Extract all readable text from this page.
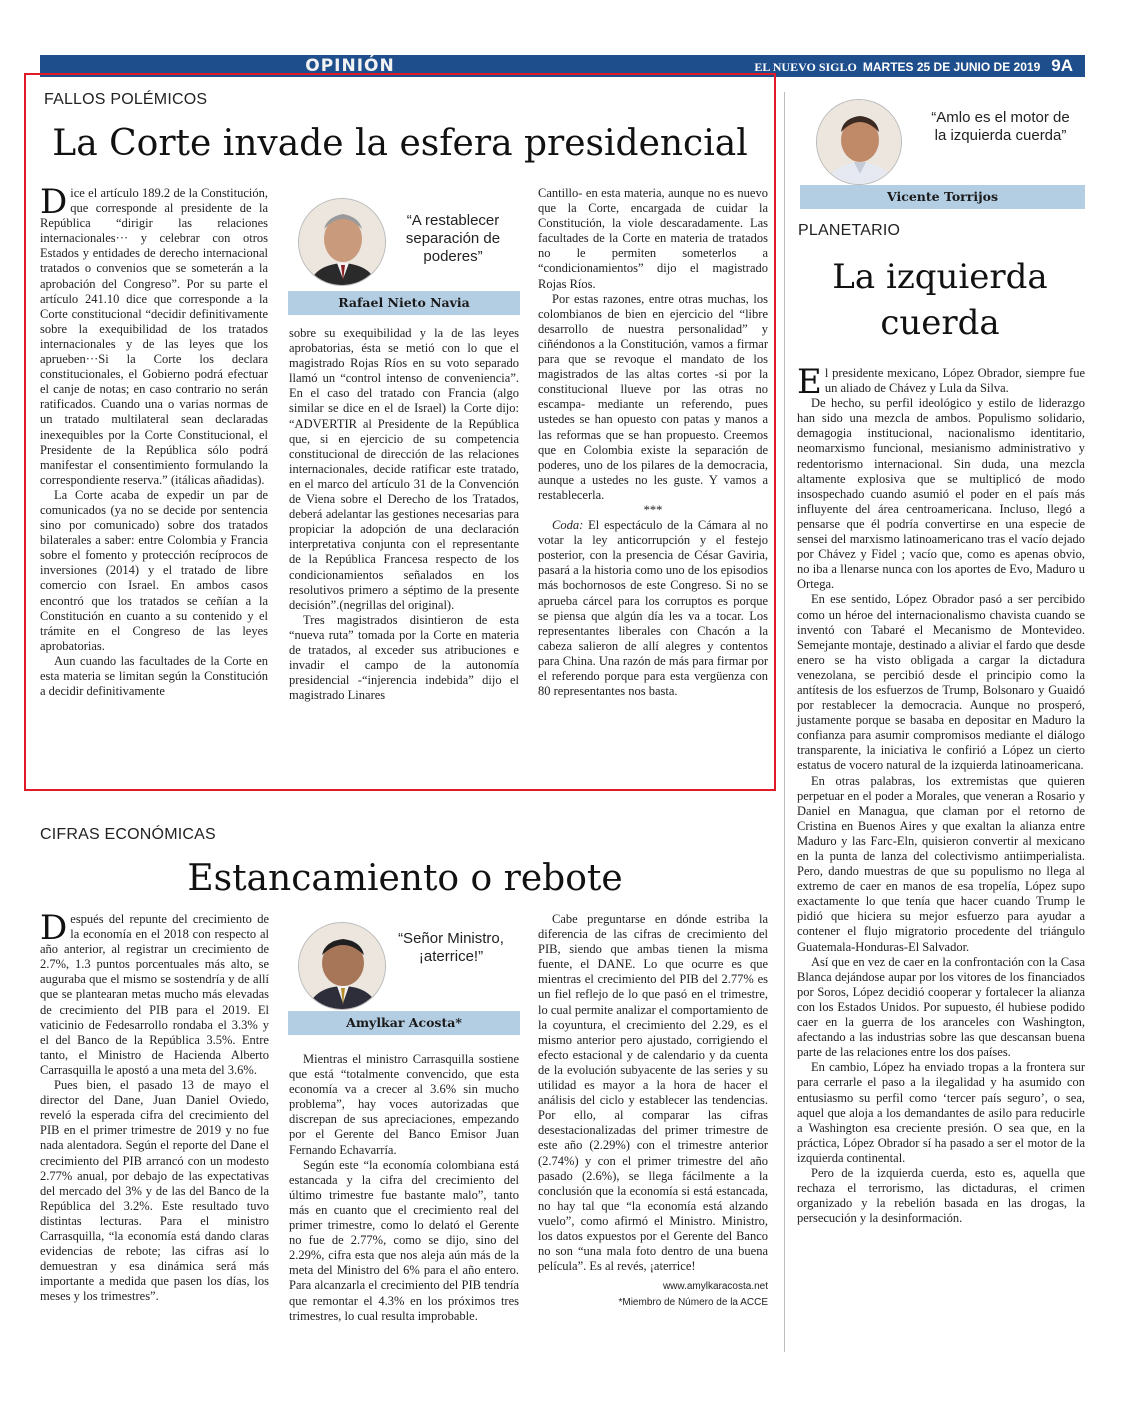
OPINIÓN	EL NUEVO SIGLO MARTES 25 DE JUNIO DE 2019 9A
FALLOS POLÉMICOS
La Corte invade la esfera presidencial

Dice el artículo 189.2 de la Constitución, que corresponde al presidente de la República “dirigir las relaciones internacionales··· y celebrar con otros Estados y entidades de derecho internacional tratados o convenios que se someterán a la aprobación del Congreso”. Por su parte el artículo 241.10 dice que corresponde a la Corte constitucional “decidir definitivamente sobre la exequibilidad de los tratados internacionales y de las leyes que los aprueben···Si la Corte los declara constitucionales, el Gobierno podrá efectuar el canje de notas; en caso contrario no serán ratificados. Cuando una o varias normas de un tratado multilateral sean declaradas inexequibles por la Corte Constitucional, el Presidente de la República sólo podrá manifestar el consentimiento formulando la correspondiente reserva.” (itálicas añadidas).

La Corte acaba de expedir un par de comunicados (ya no se decide por sentencia sino por comunicado) sobre dos tratados bilaterales a saber: entre Colombia y Francia sobre el fomento y protección recíprocos de inversiones (2014) y el tratado de libre comercio con Israel. En ambos casos encontró que los tratados se ceñían a la Constitución en cuanto a su contenido y el trámite en el Congreso de las leyes aprobatorias.

Aun cuando las facultades de la Corte en esta materia se limitan según la Constitución a decidir definitivamente

“A restablecer separación de poderes”
Rafael Nieto Navia

sobre su exequibilidad y la de las leyes aprobatorias, ésta se metió con lo que el magistrado Rojas Ríos en su voto separado llamó un “control intenso de conveniencia”. En el caso del tratado con Francia (algo similar se dice en el de Israel) la Corte dijo: “ADVERTIR al Presidente de la República que, si en ejercicio de su competencia constitucional de dirección de las relaciones internacionales, decide ratificar este tratado, en el marco del artículo 31 de la Convención de Viena sobre el Derecho de los Tratados, deberá adelantar las gestiones necesarias para propiciar la adopción de una declaración interpretativa conjunta con el representante de la República Francesa respecto de los condicionamientos señalados en los resolutivos primero a séptimo de la presente decisión”.(negrillas del original).

Tres magistrados disintieron de esta “nueva ruta” tomada por la Corte en materia de tratados, al exceder sus atribuciones e invadir el campo de la autonomía presidencial -“injerencia indebida” dijo el magistrado Linares

Cantillo- en esta materia, aunque no es nuevo que la Corte, encargada de cuidar la Constitución, la viole descaradamente. Las facultades de la Corte en materia de tratados no le permiten someterlos a “condicionamientos” dijo el magistrado Rojas Ríos.

Por estas razones, entre otras muchas, los colombianos de bien en ejercicio del “libre desarrollo de nuestra personalidad” y ciñéndonos a la Constitución, vamos a firmar para que se revoque el mandato de los magistrados de las altas cortes -si por la constitucional lluevе por las otras no escampa- mediante un referendo, pues ustedes se han opuesto con patas y manos a las reformas que se han propuesto. Creemos que en Colombia existe la separación de poderes, uno de los pilares de la democracia, aunque a ustedes no les guste. Y vamos a restablecerla.

***

Coda: El espectáculo de la Cámara al no votar la ley anticorrupción y el festejo posterior, con la presencia de César Gaviria, pasará a la historia como uno de los episodios más bochornosos de este Congreso. Si no se aprueba cárcel para los corruptos es porque se piensa que algún día les va a tocar. Los representantes liberales con Chacón a la cabeza salieron de allí alegres y contentos para China. Una razón de más para firmar por el referendo porque para esta vergüenza con 80 representantes nos basta.

CIFRAS ECONÓMICAS
Estancamiento o rebote

Después del repunte del crecimiento de la economía en el 2018 con respecto al año anterior, al registrar un crecimiento de 2.7%, 1.3 puntos porcentuales más alto, se auguraba que el mismo se sostendría y de allí que se plantearan metas mucho más elevadas de crecimiento del PIB para el 2019. El vaticinio de Fedesarrollo rondaba el 3.3% y el del Banco de la República 3.5%. Entre tanto, el Ministro de Hacienda Alberto Carrasquilla le apostó a una meta del 3.6%.

Pues bien, el pasado 13 de mayo el director del Dane, Juan Daniel Oviedo, reveló la esperada cifra del crecimiento del PIB en el primer trimestre de 2019 y no fue nada alentadora. Según el reporte del Dane el crecimiento del PIB arrancó con un modesto 2.77% anual, por debajo de las expectativas del mercado del 3% y de las del Banco de la República del 3.2%. Este resultado tuvo distintas lecturas. Para el ministro Carrasquilla, “la economía está dando claras evidencias de rebote; las cifras así lo demuestran y esa dinámica será más importante a medida que pasen los días, los meses y los trimestres”.

“Señor Ministro, ¡aterrice!”
Amylkar Acosta*

Mientras el ministro Carrasquilla sostiene que está “totalmente convencido, que esta economía va a crecer al 3.6% sin mucho problema”, hay voces autorizadas que discrepan de sus apreciaciones, empezando por el Gerente del Banco Emisor Juan Fernando Echavarría.

Según este “la economía colombiana está estancada y la cifra del crecimiento del último trimestre fue bastante malo”, tanto más en cuanto que el crecimiento real del primer trimestre, como lo delató el Gerente no fue de 2.77%, como se dijo, sino del 2.29%, cifra esta que nos aleja aún más de la meta del Ministro del 6% para el año entero. Para alcanzarla el crecimiento del PIB tendría que remontar el 4.3% en los próximos tres trimestres, lo cual resulta improbable.

Cabe preguntarse en dónde estriba la diferencia de las cifras de crecimiento del PIB, siendo que ambas tienen la misma fuente, el DANE. Lo que ocurre es que mientras el crecimiento del PIB del 2.77% es un fiel reflejo de lo que pasó en el trimestre, lo cual permite analizar el comportamiento de la coyuntura, el crecimiento del 2.29, es el mismo anterior pero ajustado, corrigiendo el efecto estacional y de calendario y da cuenta de la evolución subyacente de las series y su utilidad es mayor a la hora de hacer el análisis del ciclo y establecer las tendencias. Por ello, al comparar las cifras desestacionalizadas del primer trimestre de este año (2.29%) con el trimestre anterior (2.74%) y con el primer trimestre del año pasado (2.6%), se llega fácilmente a la conclusión que la economía si está estancada, no hay tal que “la economía está alzando vuelo”, como afirmó el Ministro. Ministro, los datos expuestos por el Gerente del Banco no son “una mala foto dentro de una buena película”. Es al revés, ¡aterrice!

www.amylkaracosta.net

*Miembro de Número de la ACCE

“Amlo es el motor de la izquierda cuerda”
Vicente Torrijos
PLANETARIO
La izquierda
cuerda

El presidente mexicano, López Obrador, siempre fue un aliado de Chávez y Lula da Silva.

De hecho, su perfil ideológico y estilo de liderazgo han sido una mezcla de ambos. Populismo solidario, demagogia institucional, nacionalismo identitario, neomarxismo funcional, mesianismo administrativo y redentorismo internacional. Sin duda, una mezcla altamente explosiva que se multiplicó de modo insospechado cuando asumió el poder en el país más influyente del área centroamericana. Incluso, llegó a pensarse que él podría convertirse en una especie de sensei del marxismo latinoamericano tras el vacío dejado por Chávez y Fidel ; vacío que, como es apenas obvio, no iba a llenarse nunca con los aportes de Evo, Maduro u Ortega.

En ese sentido, López Obrador pasó a ser percibido como un héroe del internacionalismo chavista cuando se inventó con Tabaré el Mecanismo de Montevideo. Semejante montaje, destinado a aliviar el fardo que desde enero se ha visto obligada a cargar la dictadura venezolana, se percibió desde el principio como la antítesis de los esfuerzos de Trump, Bolsonaro y Guaidó por restablecer la democracia. Aunque no prosperó, justamente porque se basaba en depositar en Maduro la confianza para asumir compromisos mediante el diálogo transparente, la iniciativa le confirió a López un cierto estatus de vocero natural de la izquierda latinoamericana.

En otras palabras, los extremistas que quieren perpetuar en el poder a Morales, que veneran a Rosario y Daniel en Managua, que claman por el retorno de Cristina en Buenos Aires y que exaltan la alianza entre Maduro y las Farc-Eln, quisieron convertir al mexicano en la punta de lanza del colectivismo antiimperialista. Pero, dando muestras de que su populismo no llega al extremo de caer en manos de esa tropelía, López supo exactamente lo que tenía que hacer cuando Trump le pidió que hiciera su mejor esfuerzo para ayudar a contener el flujo migratorio procedente del triángulo Guatemala-Honduras-El Salvador.

Así que en vez de caer en la confrontación con la Casa Blanca dejándose aupar por los vitores de los financiados por Soros, López decidió cooperar y fortalecer la alianza con los Estados Unidos. Por supuesto, él hubiese podido caer en la guerra de los aranceles con Washington, afectando a las industrias sobre las que descansan buena parte de las relaciones entre los dos países.

En cambio, López ha enviado tropas a la frontera sur para cerrarle el paso a la ilegalidad y ha asumido con entusiasmo su perfil como ‘tercer país seguro’, o sea, aquel que aloja a los demandantes de asilo para reducirle a Washington esa creciente presión. O sea que, en la práctica, López Obrador sí ha pasado a ser el motor de la izquierda continental.

Pero de la izquierda cuerda, esto es, aquella que rechaza el terrorismo, las dictaduras, el crimen organizado y la rebelión basada en las drogas, la persecución y la desinformación.
